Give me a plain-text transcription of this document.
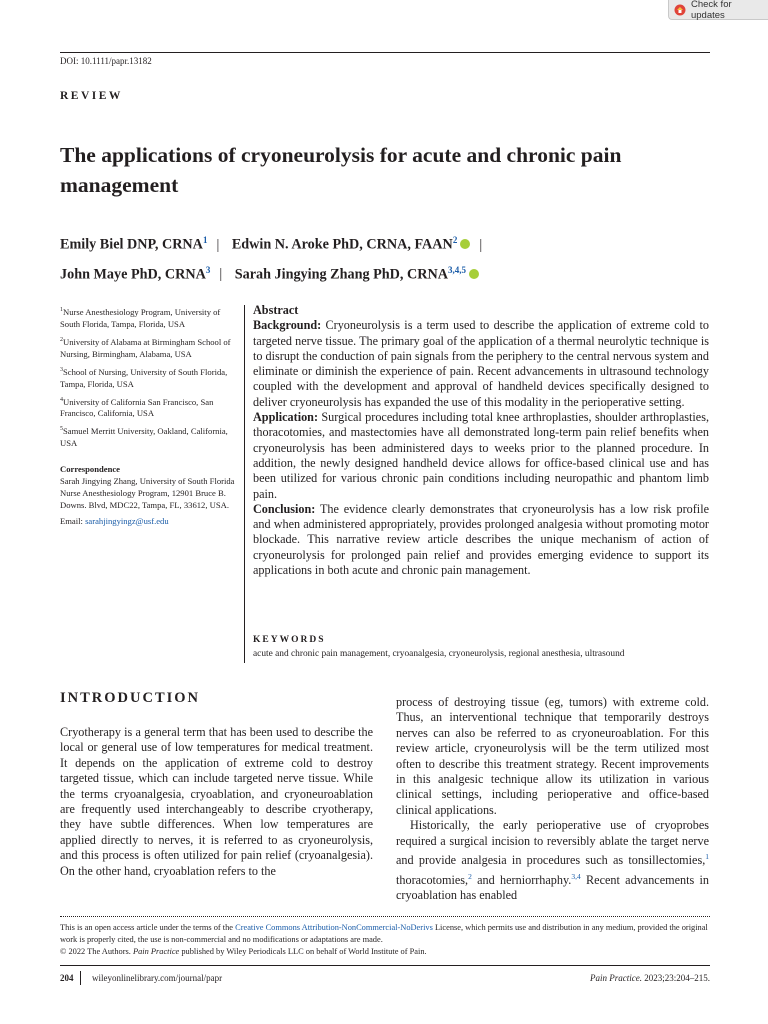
Check for updates
DOI: 10.1111/papr.13182
REVIEW
The applications of cryoneurolysis for acute and chronic pain management
Emily Biel DNP, CRNA$^1$ | Edwin N. Aroke PhD, CRNA, FAAN$^2$ |
John Maye PhD, CRNA$^3$ | Sarah Jingying Zhang PhD, CRNA$^{3,4,5}$

$^1$Nurse Anesthesiology Program, University of South Florida, Tampa, Florida, USA

$^2$University of Alabama at Birmingham School of Nursing, Birmingham, Alabama, USA

$^3$School of Nursing, University of South Florida, Tampa, Florida, USA

$^4$University of California San Francisco, San Francisco, California, USA

$^5$Samuel Merritt University, Oakland, California, USA

Correspondence

Sarah Jingying Zhang, University of South Florida Nurse Anesthesiology Program, 12901 Bruce B. Downs. Blvd, MDC22, Tampa, FL, 33612, USA.

Email: sarahjingyingz@usf.edu

Abstract

Background: Cryoneurolysis is a term used to describe the application of extreme cold to targeted nerve tissue. The primary goal of the application of a thermal neurolytic technique is to disrupt the conduction of pain signals from the periphery to the central nervous system and eliminate or diminish the experience of pain. Recent advancements in ultrasound technology coupled with the development and approval of handheld devices specifically designed to deliver cryoneurolysis has expanded the use of this modality in the perioperative setting.

Application: Surgical procedures including total knee arthroplasties, shoulder arthroplasties, thoracotomies, and mastectomies have all demonstrated long-term pain relief benefits when cryoneurolysis has been administered days to weeks prior to the planned procedure. In addition, the newly designed handheld device allows for office-based clinical use and has been utilized for various chronic pain conditions including neuropathic and phantom limb pain.

Conclusion: The evidence clearly demonstrates that cryoneurolysis has a low risk profile and when administered appropriately, provides prolonged analgesia without promoting motor blockade. This narrative review article describes the unique mechanism of action of cryoneurolysis for prolonged pain relief and provides emerging evidence to support its applications in both acute and chronic pain management.

KEYWORDS
acute and chronic pain management, cryoanalgesia, cryoneurolysis, regional anesthesia, ultrasound
INTRODUCTION

Cryotherapy is a general term that has been used to describe the local or general use of low temperatures for medical treatment. It depends on the application of extreme cold to destroy targeted tissue, which can include targeted nerve tissue. While the terms cryoanalgesia, cryoablation, and cryoneuroablation are frequently used interchangeably to describe cryotherapy, they have subtle differences. When low temperatures are applied directly to nerves, it is referred to as cryoneurolysis, and this process is often utilized for pain relief (cryoanalgesia). On the other hand, cryoablation refers to the

process of destroying tissue (eg, tumors) with extreme cold. Thus, an interventional technique that temporarily destroys nerves can also be referred to as cryoneuroablation. For this review article, cryoneurolysis will be the term utilized most often to describe this treatment strategy. Recent improvements in this analgesic technique allow its utilization in various clinical settings, including perioperative and office-based clinical applications.

Historically, the early perioperative use of cryoprobes required a surgical incision to reversibly ablate the target nerve and provide analgesia in procedures such as tonsillectomies,$^1$ thoracotomies,$^2$ and herniorrhaphy.$^{3,4}$ Recent advancements in cryoablation has enabled

This is an open access article under the terms of the Creative Commons Attribution-NonCommercial-NoDerivs License, which permits use and distribution in any medium, provided the original work is properly cited, the use is non-commercial and no modifications or adaptations are made.

© 2022 The Authors. Pain Practice published by Wiley Periodicals LLC on behalf of World Institute of Pain.

204 wileyonlinelibrary.com/journal/papr	Pain Practice. 2023;23:204–215.
